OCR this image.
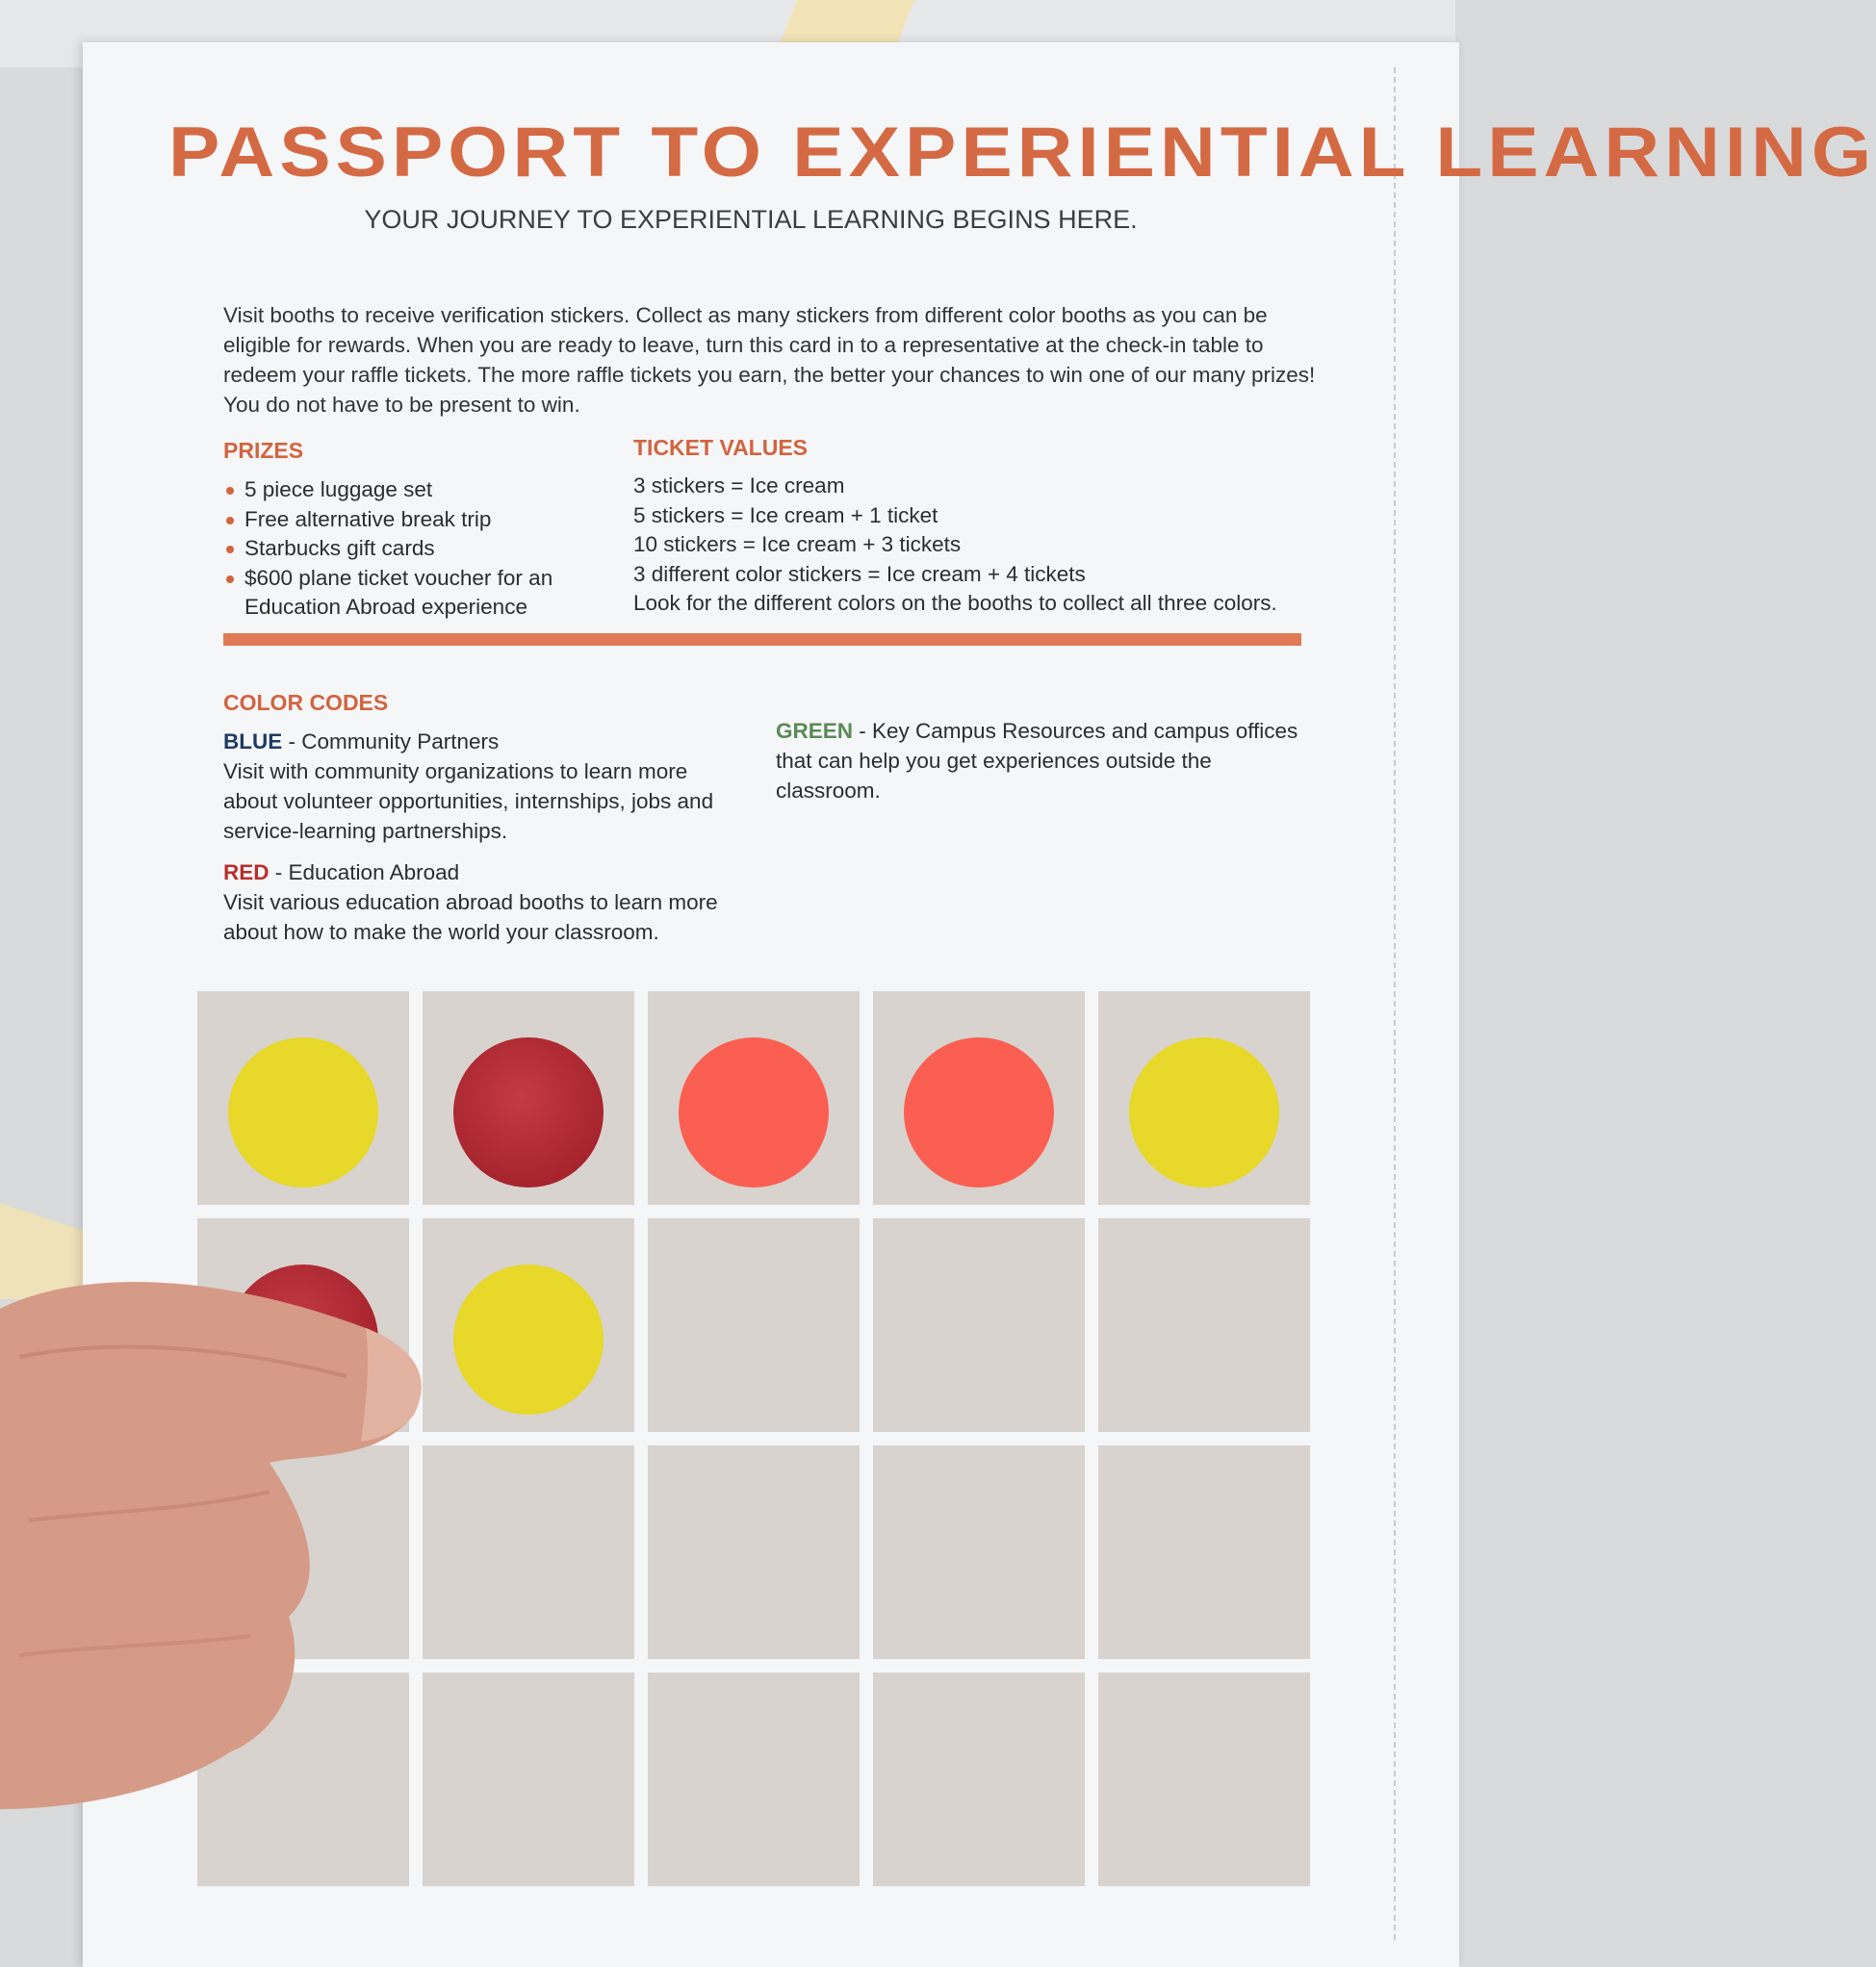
PASSPORT TO EXPERIENTIAL LEARNING

YOUR JOURNEY TO EXPERIENTIAL LEARNING BEGINS HERE.

Visit booths to receive verification stickers. Collect as many stickers from different color booths as you can be eligible for rewards. When you are ready to leave, turn this card in to a representative at the check-in table to redeem your raffle tickets. The more raffle tickets you earn, the better your chances to win one of our many prizes! You do not have to be present to win.

PRIZES
5 piece luggage set
Free alternative break trip
Starbucks gift cards
$600 plane ticket voucher for an Education Abroad experience
TICKET VALUES
3 stickers = Ice cream
5 stickers = Ice cream + 1 ticket
10 stickers = Ice cream + 3 tickets
3 different color stickers = Ice cream + 4 tickets
Look for the different colors on the booths to collect all three colors.
COLOR CODES

BLUE - Community Partners
Visit with community organizations to learn more about volunteer opportunities, internships, jobs and service-learning partnerships.

RED - Education Abroad
Visit various education abroad booths to learn more about how to make the world your classroom.

GREEN - Key Campus Resources and campus offices that can help you get experiences outside the classroom.
